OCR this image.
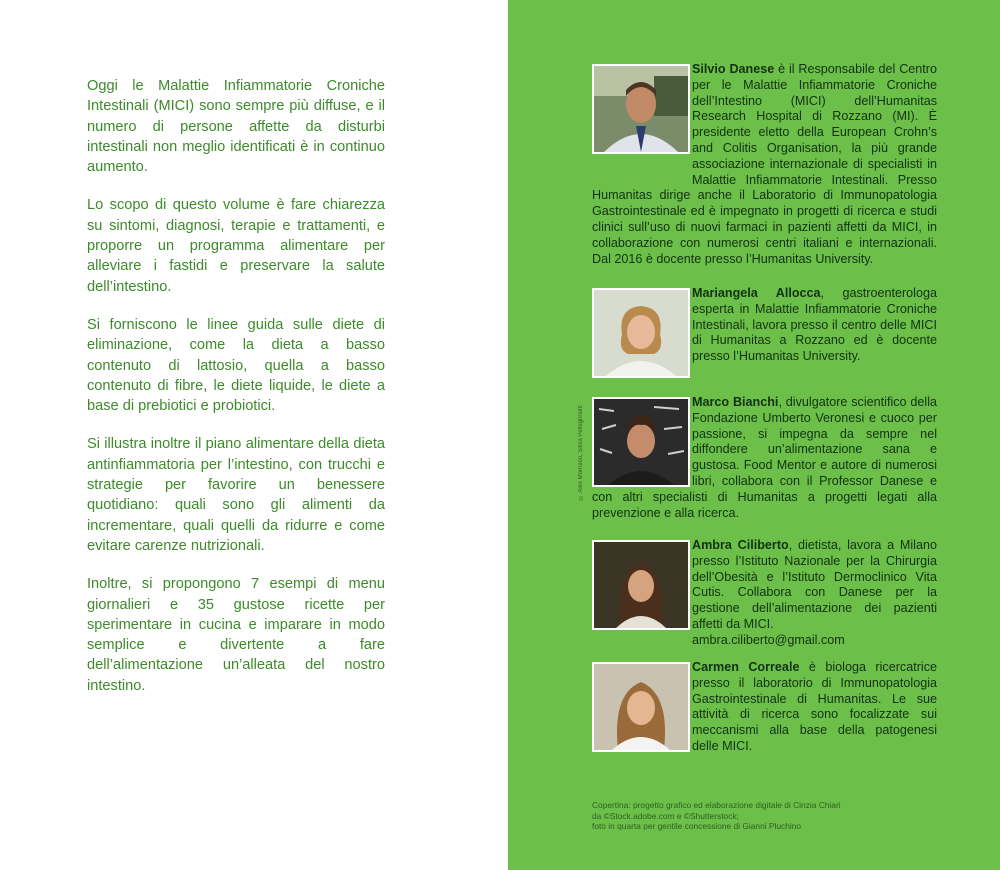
Oggi le Malattie Infiammatorie Croniche Intestinali (MICI) sono sempre più diffuse, e il numero di persone affette da disturbi intestinali non meglio identificati è in continuo aumento.

Lo scopo di questo volume è fare chiarezza su sintomi, diagnosi, terapie e trattamenti, e proporre un programma alimentare per alleviare i fastidi e preservare la salute dell’intestino.

Si forniscono le linee guida sulle diete di eliminazione, come la dieta a basso contenuto di lattosio, quella a basso contenuto di fibre, le diete liquide, le diete a base di prebiotici e probiotici.

Si illustra inoltre il piano alimentare della dieta antinfiammatoria per l’intestino, con trucchi e strategie per favorire un benessere quotidiano: quali sono gli alimenti da incrementare, quali quelli da ridurre e come evitare carenze nutrizionali.

Inoltre, si propongono 7 esempi di menu giornalieri e 35 gustose ricette per sperimentare in cucina e imparare in modo semplice e divertente a fare dell’alimentazione un’alleata del nostro intestino.

Silvio Danese è il Responsabile del Centro per le Malattie Infiammatorie Croniche dell’Intestino (MICI) dell’Humanitas Research Hospital di Rozzano (MI). È presidente eletto della European Crohn’s and Colitis Organisation, la più grande associazione internazionale di specialisti in Malattie Infiammatorie Intestinali. Presso Humanitas dirige anche il Laboratorio di Immunopatologia Gastrointestinale ed è impegnato in progetti di ricerca e studi clinici sull’uso di nuovi farmaci in pazienti affetti da MICI, in collaborazione con numerosi centri italiani e internazionali. Dal 2016 è docente presso l’Humanitas University.
Mariangela Allocca, gastroenterologa esperta in Malattie Infiammatorie Croniche Intestinali, lavora presso il centro delle MICI di Humanitas a Rozzano ed è docente presso l’Humanitas University.
© Alex Morrison, Silvia Pellegrinotti
Marco Bianchi, divulgatore scientifico della Fondazione Umberto Veronesi e cuoco per passione, si impegna da sempre nel diffondere un’alimentazione sana e gustosa. Food Mentor e autore di numerosi libri, collabora con il Professor Danese e con altri specialisti di Humanitas a progetti legati alla prevenzione e alla ricerca.
Ambra Ciliberto, dietista, lavora a Milano presso l’Istituto Nazionale per la Chirurgia dell’Obesità e l’Istituto Dermoclinico Vita Cutis. Collabora con Danese per la gestione dell’alimentazione dei pazienti affetti da MICI.
ambra.ciliberto@gmail.com
Carmen Correale è biologa ricercatrice presso il laboratorio di Immunopatologia Gastrointestinale di Humanitas. Le sue attività di ricerca sono focalizzate sui meccanismi alla base della patogenesi delle MICI.
Copertina: progetto grafico ed elaborazione digitale di Cinzia Chiari
da ©Stock.adobe.com e ©Shutterstock;
foto in quarta per gentile concessione di Gianni Pluchino
